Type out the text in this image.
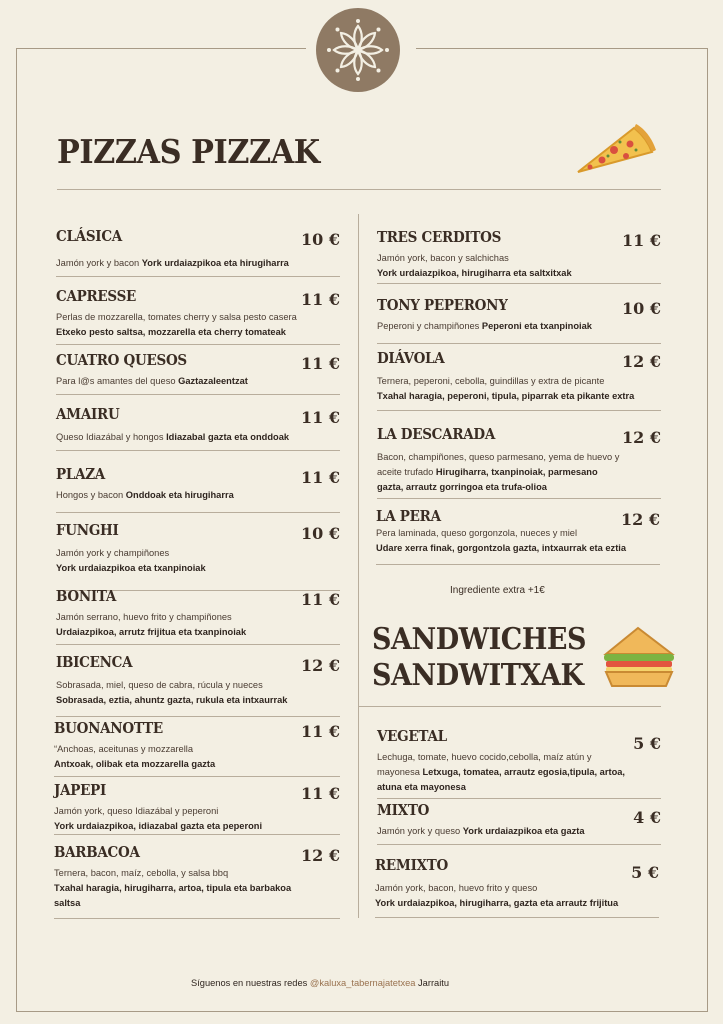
PIZZAS PIZZAK
CLÁSICA	10 €
Jamón york y bacon York urdaiazpikoa eta hirugiharra
CAPRESSE	11 €
Perlas de mozzarella, tomates cherry y salsa pesto casera
Etxeko pesto saltsa, mozzarella eta cherry tomateak
CUATRO QUESOS	11 €
Para l@s amantes del queso Gaztazaleentzat
AMAIRU	11 €
Queso Idiazábal y hongos Idiazabal gazta eta onddoak
PLAZA	11 €
Hongos y bacon Onddoak eta hirugiharra
FUNGHI	10 €
Jamón york y champiñones
York urdaiazpikoa eta txanpinoiak
BONITA	11 €
Jamón serrano, huevo frito y champiñones
Urdaiazpikoa, arrutz frijitua eta txanpinoiak
IBICENCA	12 €
Sobrasada, miel, queso de cabra, rúcula y nueces
Sobrasada, eztia, ahuntz gazta, rukula eta intxaurrak
BUONANOTTE	11 €
“Anchoas, aceitunas y mozzarella
Antxoak, olibak eta mozzarella gazta
JAPEPI	11 €
Jamón york, queso Idiazábal y peperoni
York urdaiazpikoa, idiazabal gazta eta peperoni
BARBACOA	12 €
Ternera, bacon, maíz, cebolla, y salsa bbq
Txahal haragia, hirugiharra, artoa, tipula eta barbakoa
saltsa
TRES CERDITOS	11 €
Jamón york, bacon y salchichas
York urdaiazpikoa, hirugiharra eta saltxitxak
TONY PEPERONY	10 €
Peperoni y champiñones Peperoni eta txanpinoiak
DIÁVOLA	12 €
Ternera, peperoni, cebolla, guindillas y extra de picante
Txahal haragia, peperoni, tipula, piparrak eta pikante extra
LA DESCARADA	12 €
Bacon, champiñones, queso parmesano, yema de huevo y
aceite trufado Hirugiharra, txanpinoiak, parmesano
gazta, arrautz gorringoa eta trufa-olioa
LA PERA	12 €
Pera laminada, queso gorgonzola, nueces y miel
Udare xerra finak, gorgontzola gazta, intxaurrak eta eztia
VEGETAL	5 €
Lechuga, tomate, huevo cocido,cebolla, maíz atún y
mayonesa Letxuga, tomatea, arrautz egosia,tipula, artoa,
atuna eta mayonesa
MIXTO	4 €
Jamón york y queso York urdaiazpikoa eta gazta
REMIXTO	5 €
Jamón york, bacon, huevo frito y queso
York urdaiazpikoa, hirugiharra, gazta eta arrautz frijitua
Ingrediente extra +1€
SANDWICHES
SANDWITXAK
Síguenos en nuestras redes @kaluxa_tabernajatetxea Jarraitu
